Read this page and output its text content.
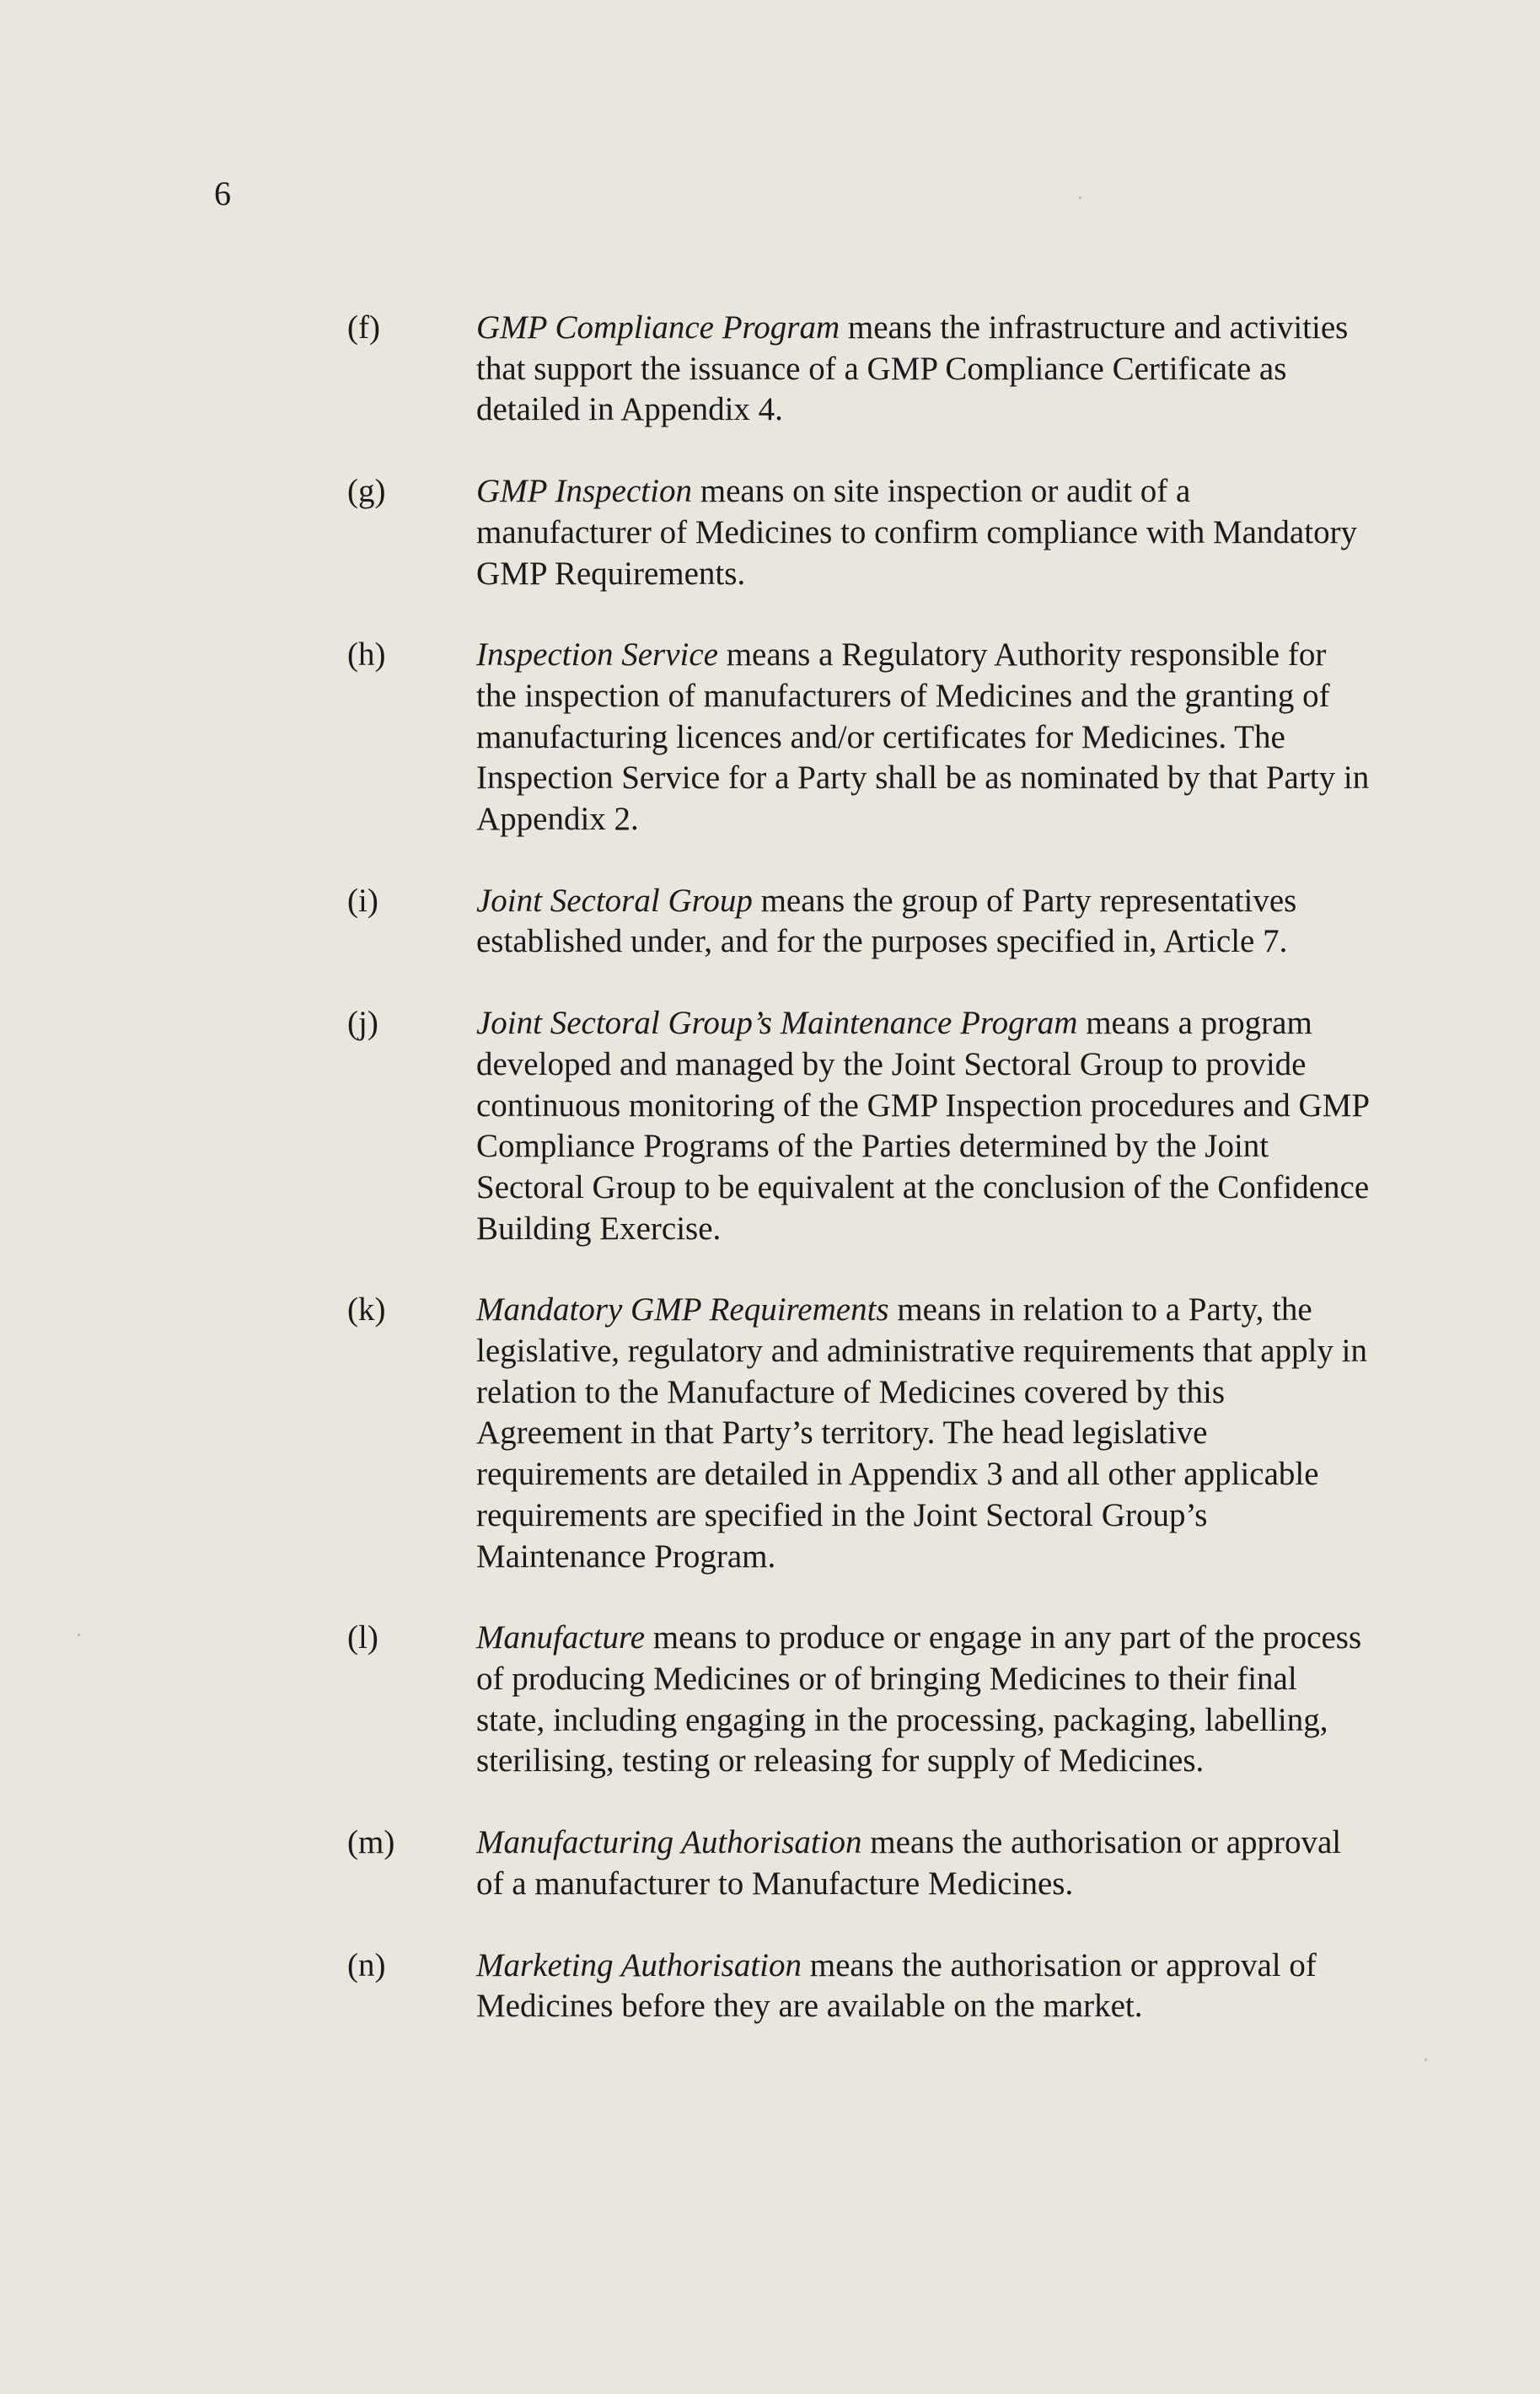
6
(f)	GMP Compliance Program means the infrastructure and activities that support the issuance of a GMP Compliance Certificate as detailed in Appendix 4.
(g)	GMP Inspection means on site inspection or audit of a manufacturer of Medicines to confirm compliance with Mandatory GMP Requirements.
(h)	Inspection Service means a Regulatory Authority responsible for the inspection of manufacturers of Medicines and the granting of manufacturing licences and/or certificates for Medicines. The Inspection Service for a Party shall be as nominated by that Party in Appendix 2.
(i)	Joint Sectoral Group means the group of Party representatives established under, and for the purposes specified in, Article 7.
(j)	Joint Sectoral Group’s Maintenance Program means a program developed and managed by the Joint Sectoral Group to provide continuous monitoring of the GMP Inspection procedures and GMP Compliance Programs of the Parties determined by the Joint Sectoral Group to be equivalent at the conclusion of the Confidence Building Exercise.
(k)	Mandatory GMP Requirements means in relation to a Party, the legislative, regulatory and administrative requirements that apply in relation to the Manufacture of Medicines covered by this Agreement in that Party’s territory. The head legislative requirements are detailed in Appendix 3 and all other applicable requirements are specified in the Joint Sectoral Group’s Maintenance Program.
(l)	Manufacture means to produce or engage in any part of the process of producing Medicines or of bringing Medicines to their final state, including engaging in the processing, packaging, labelling, sterilising, testing or releasing for supply of Medicines.
(m)	Manufacturing Authorisation means the authorisation or approval of a manufacturer to Manufacture Medicines.
(n)	Marketing Authorisation means the authorisation or approval of Medicines before they are available on the market.
